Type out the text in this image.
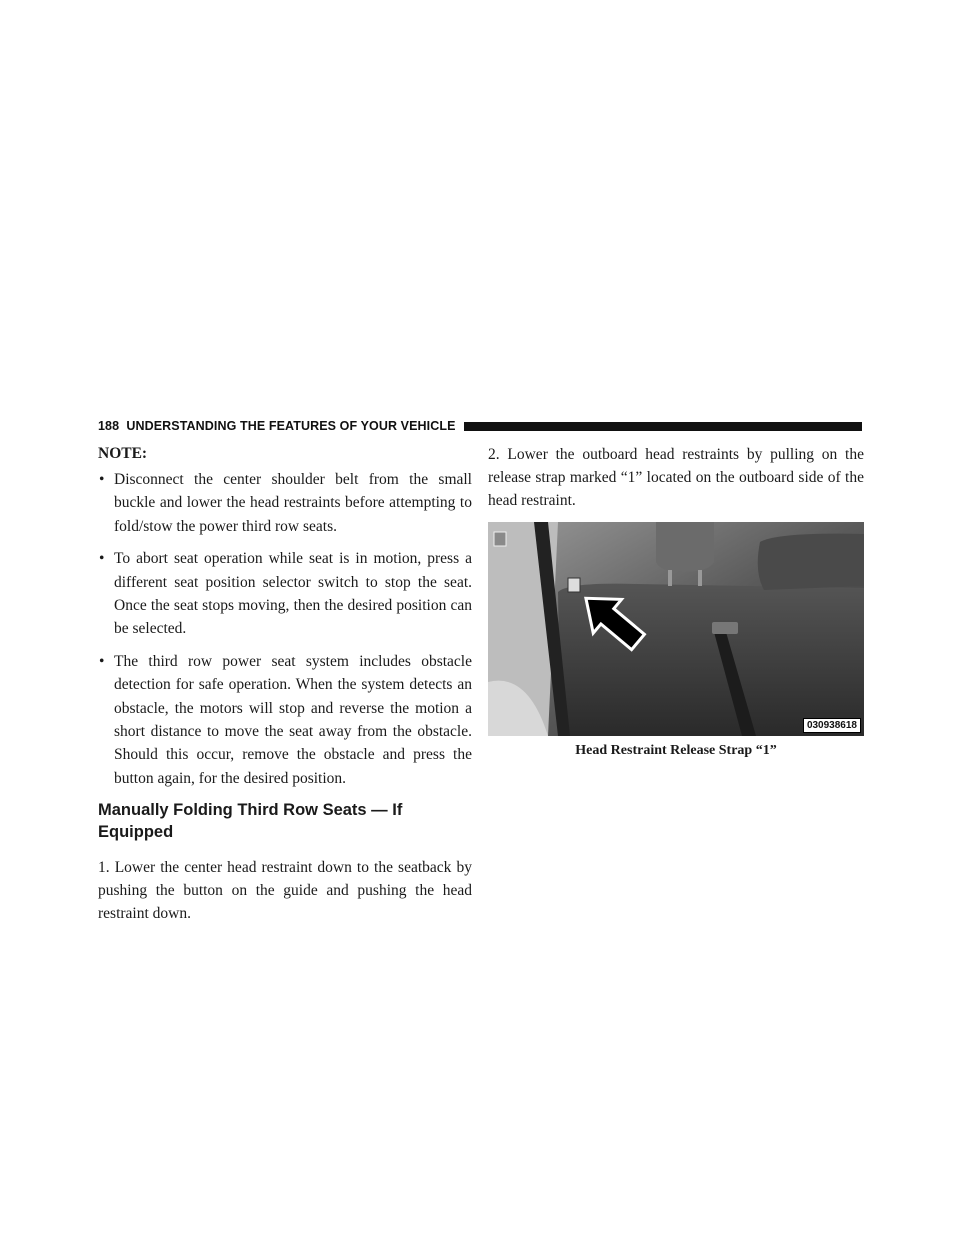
188 UNDERSTANDING THE FEATURES OF YOUR VEHICLE

NOTE:

• Disconnect the center shoulder belt from the small buckle and lower the head restraints before attempting to fold/stow the power third row seats.
• To abort seat operation while seat is in motion, press a different seat position selector switch to stop the seat. Once the seat stops moving, then the desired position can be selected.
• The third row power seat system includes obstacle detection for safe operation. When the system detects an obstacle, the motors will stop and reverse the motion a short distance to move the seat away from the obstacle. Should this occur, remove the obstacle and press the button again, for the desired position.
Manually Folding Third Row Seats — If Equipped

1. Lower the center head restraint down to the seatback by pushing the button on the guide and pushing the head restraint down.

2. Lower the outboard head restraints by pulling on the release strap marked “1” located on the outboard side of the head restraint.

030938618
Head Restraint Release Strap “1”
